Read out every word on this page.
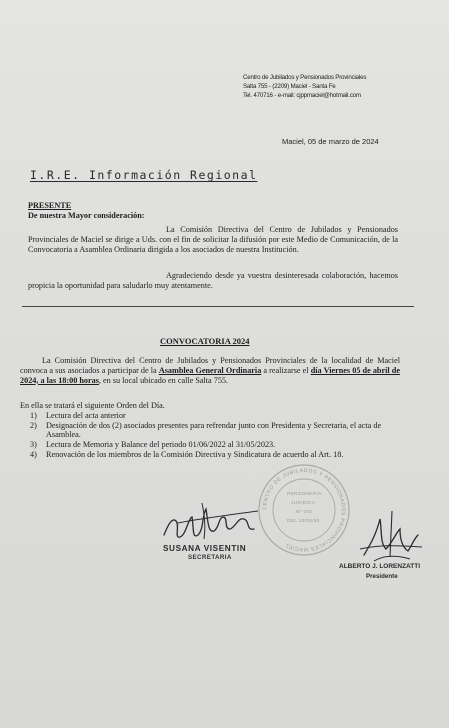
Centro de Jubilados y Pensionados Provinciales
Salta 755 - (2209) Maciel - Santa Fe
Tel. 470716 - e-mail: cjppmaciel@hotmail.com
Maciel, 05 de marzo de 2024
I.R.E. Información Regional
PRESENTE
De nuestra Mayor consideración:
La Comisión Directiva del Centro de Jubilados y Pensionados Provinciales de Maciel se dirige a Uds. con el fin de solicitar la difusión por este Medio de Comunicación, de la Convocatoria a Asamblea Ordinaria dirigida a los asociados de nuestra Institución.
Agradeciendo desde ya vuestra desinteresada colaboración, hacemos propicia la oportunidad para saludarlo muy atentamente.
CONVOCATORIA 2024
La Comisión Directiva del Centro de Jubilados y Pensionados Provinciales de la localidad de Maciel convoca a sus asociados a participar de la Asamblea General Ordinaria a realizarse el día Viernes 05 de abril de 2024, a las 18:00 horas, en su local ubicado en calle Salta 755.
En ella se tratará el siguiente Orden del Día.
1)	Lectura del acta anterior
2)	Designación de dos (2) asociados presentes para refrendar junto con Presidenta y Secretaria, el acta de Asamblea.
3)	Lectura de Memoria y Balance del periodo 01/06/2022 al 31/05/2023.
4)	Renovación de los miembros de la Comisión Directiva y Sindicatura de acuerdo al Art. 18.
SUSANA VISENTIN
SECRETARIA
CENTRO DE JUBILADOS Y PENSIONADOS PROVINCIALES MACIEL
PERSONERIA
JURIDICA
Nº 040
DEL 10/03/92
ALBERTO J. LORENZATTI
Presidente
